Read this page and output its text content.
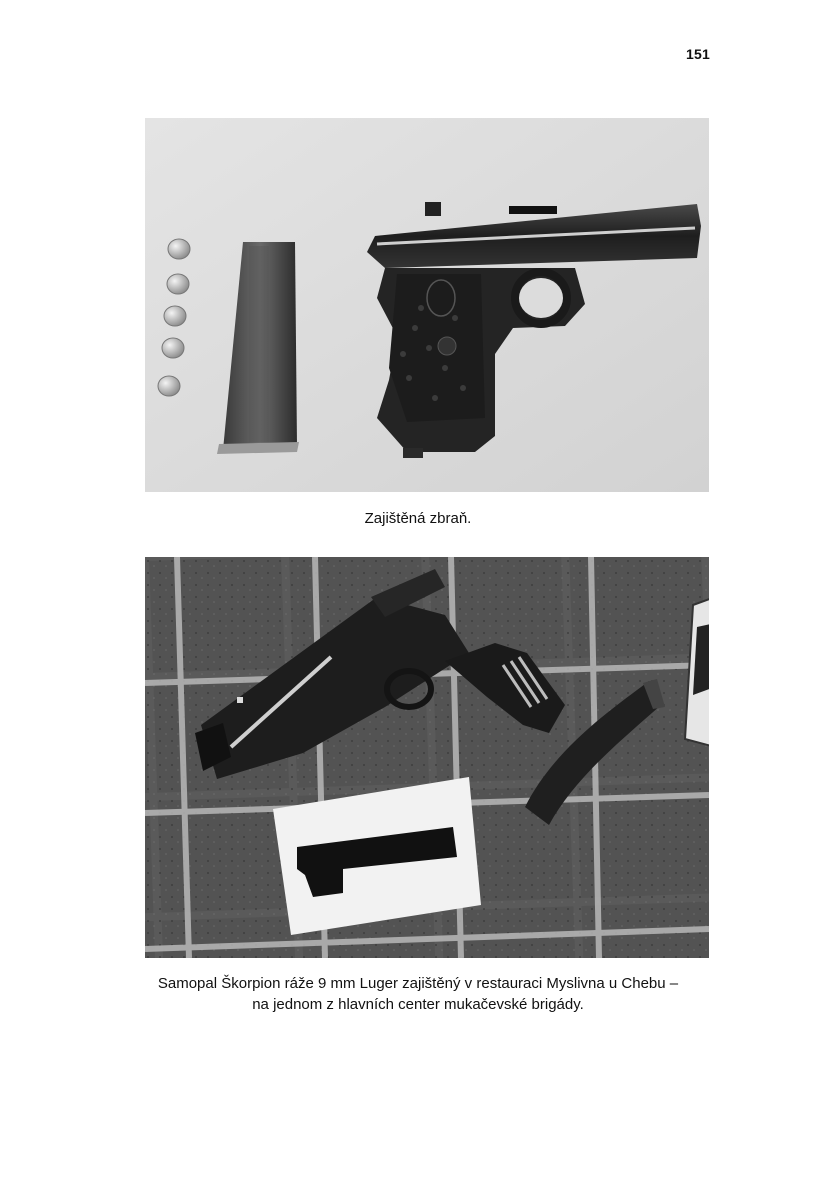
151
Zajištěná zbraň.
Samopal Škorpion ráže 9 mm Luger zajištěný v restauraci Myslivna u Chebu –
na jednom z hlavních center mukačevské brigády.
